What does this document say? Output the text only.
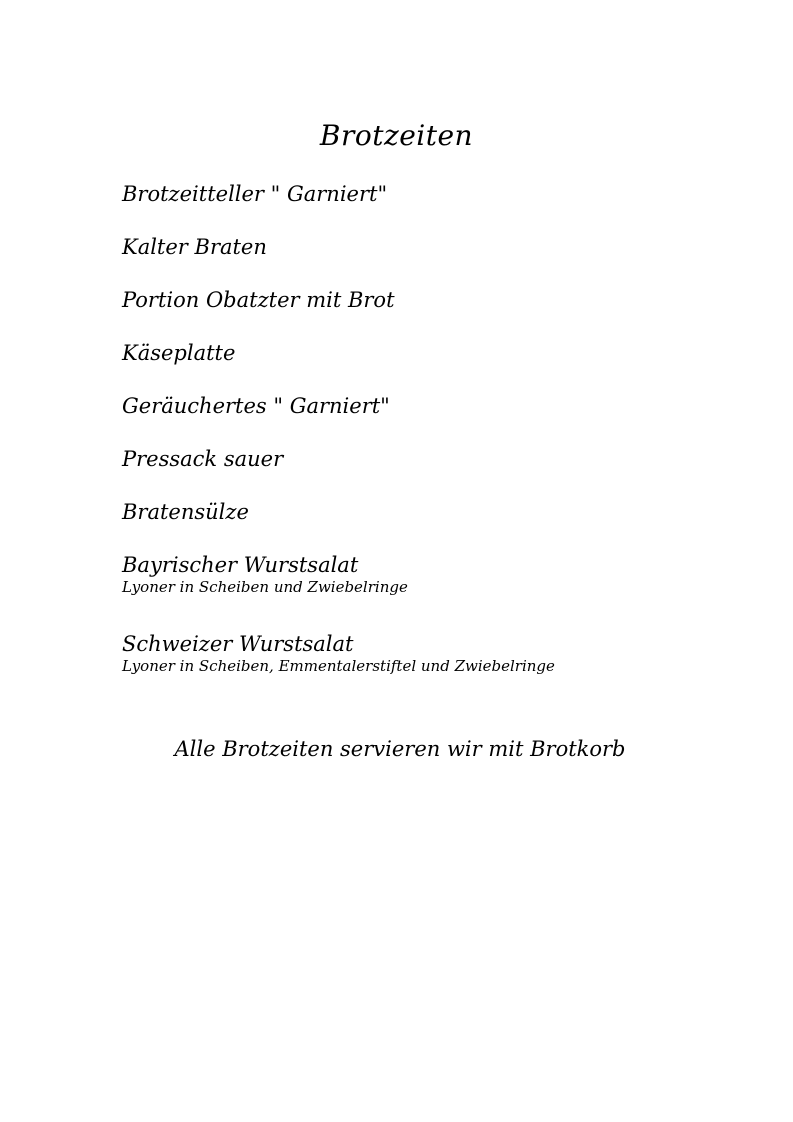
Brotzeiten
Brotzeitteller " Garniert"
Kalter Braten
Portion Obatzter mit Brot
Käseplatte
Geräuchertes " Garniert"
Pressack sauer
Bratensülze
Bayrischer Wurstsalat
Lyoner in Scheiben und Zwiebelringe
Schweizer Wurstsalat
Lyoner in Scheiben, Emmentalerstiftel und Zwiebelringe
Alle Brotzeiten servieren wir mit Brotkorb
